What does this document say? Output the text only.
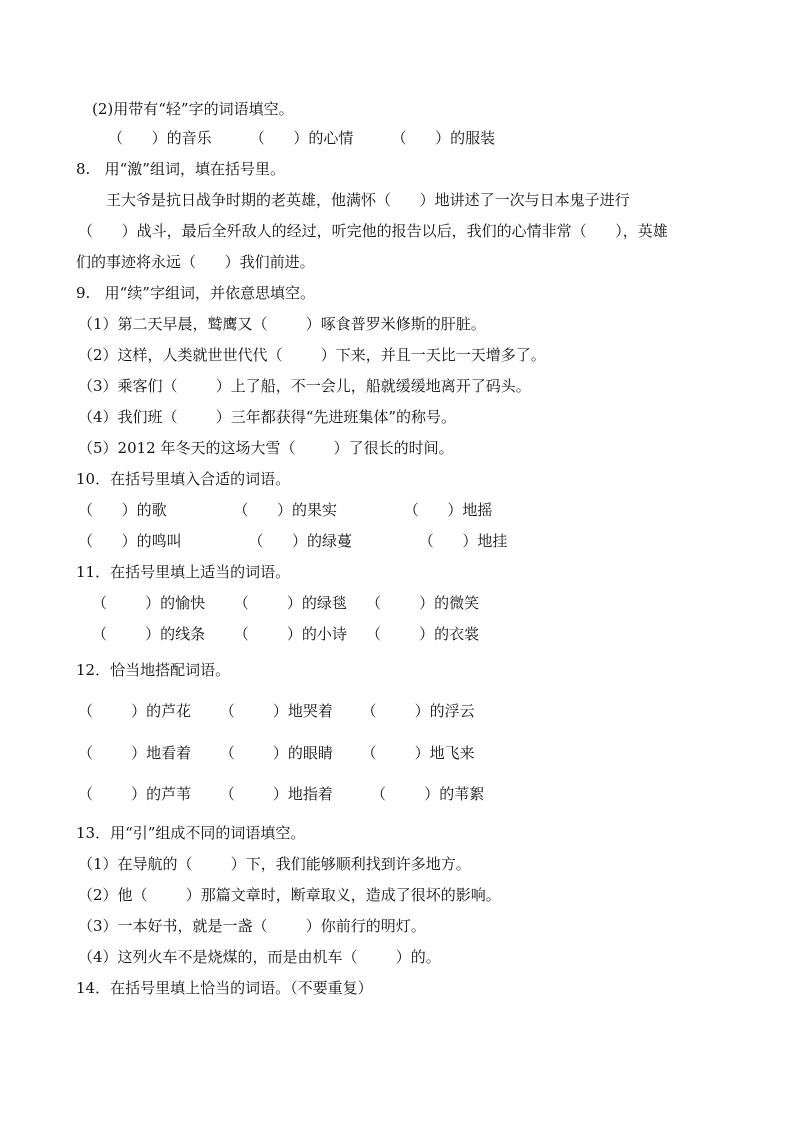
(2)用带有“轻”字的词语填空。
（      ）的音乐        （      ）的心情        （      ）的服装
8.   用“激”组词，填在括号里。
王大爷是抗日战争时期的老英雄，他满怀（      ）地讲述了一次与日本鬼子进行
（      ）战斗，最后全歼敌人的经过，听完他的报告以后，我们的心情非常（      ），英雄
们的事迹将永远（      ）我们前进。
9.   用“续”字组词，并依意思填空。
（1）第二天早晨，鹫鹰又（        ）啄食普罗米修斯的肝脏。
（2）这样，人类就世世代代（        ）下来，并且一天比一天增多了。
（3）乘客们（        ）上了船，不一会儿，船就缓缓地离开了码头。
（4）我们班（        ）三年都获得“先进班集体”的称号。
（5）2012 年冬天的这场大雪（        ）了很长的时间。
10．在括号里填入合适的词语。
（      ）的歌              （      ）的果实              （      ）地摇
（      ）的鸣叫              （      ）的绿蔓              （      ）地挂
11．在括号里填上适当的词语。
（        ）的愉快      （        ）的绿毯    （        ）的微笑
（        ）的线条      （        ）的小诗    （        ）的衣裳
12．恰当地搭配词语。
（        ）的芦花      （        ）地哭着      （        ）的浮云
（        ）地看着      （        ）的眼睛      （        ）地飞来
（        ）的芦苇      （        ）地指着        （        ）的苇絮
13．用“引”组成不同的词语填空。
（1）在导航的（        ）下，我们能够顺利找到许多地方。
（2）他（        ）那篇文章时，断章取义，造成了很坏的影响。
（3）一本好书，就是一盏（        ）你前行的明灯。
（4）这列火车不是烧煤的，而是由机车（        ）的。
14．在括号里填上恰当的词语。（不要重复）
